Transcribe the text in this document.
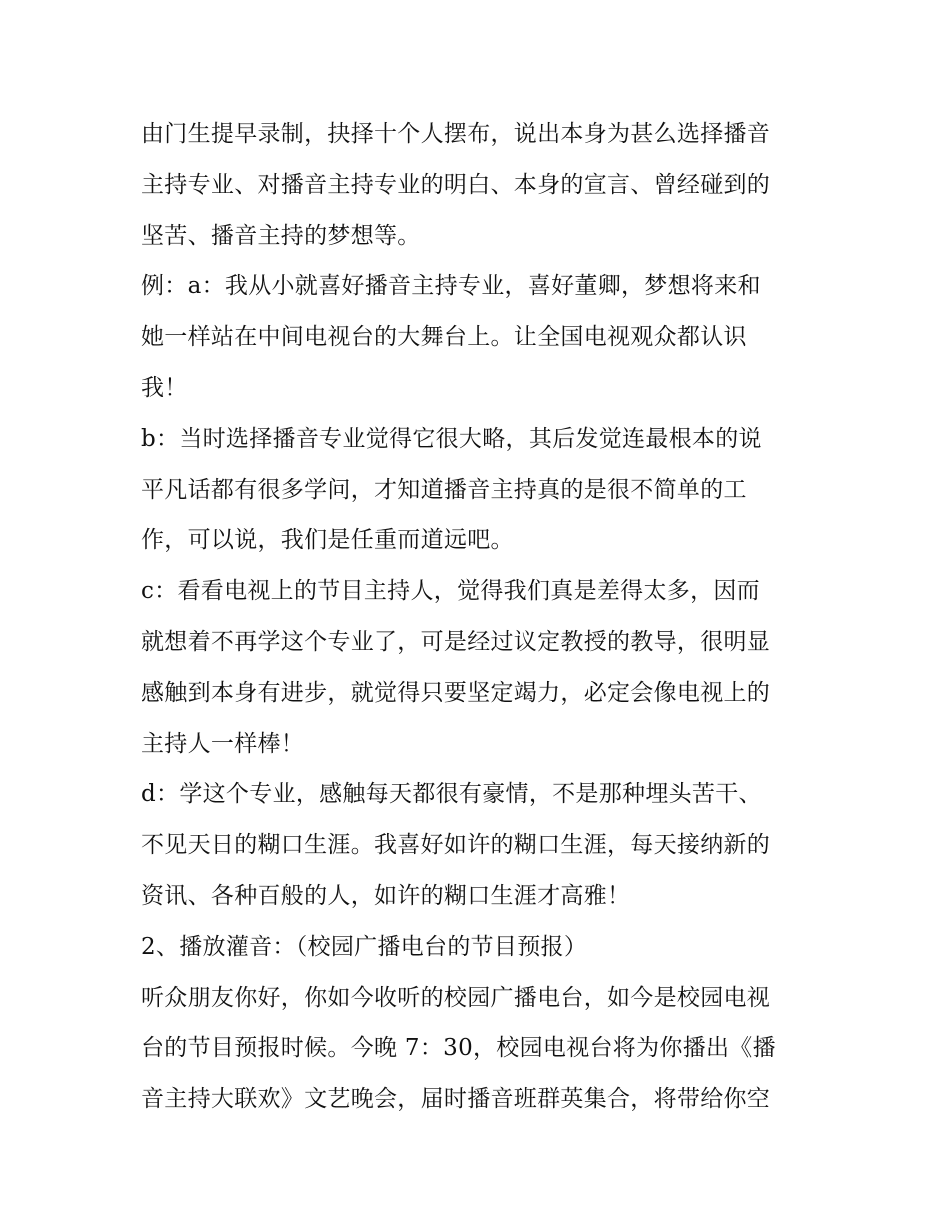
由门生提早录制，抉择十个人摆布，说出本身为甚么选择播音
主持专业、对播音主持专业的明白、本身的宣言、曾经碰到的
坚苦、播音主持的梦想等。
例：a：我从小就喜好播音主持专业，喜好董卿，梦想将来和
她一样站在中间电视台的大舞台上。让全国电视观众都认识
我！
b：当时选择播音专业觉得它很大略，其后发觉连最根本的说
平凡话都有很多学问，才知道播音主持真的是很不简单的工
作，可以说，我们是任重而道远吧。
c：看看电视上的节目主持人，觉得我们真是差得太多，因而
就想着不再学这个专业了，可是经过议定教授的教导，很明显
感触到本身有进步，就觉得只要坚定竭力，必定会像电视上的
主持人一样棒！
d：学这个专业，感触每天都很有豪情，不是那种埋头苦干、
不见天日的糊口生涯。我喜好如许的糊口生涯，每天接纳新的
资讯、各种百般的人，如许的糊口生涯才高雅！
2、播放灌音：（校园广播电台的节目预报）
听众朋友你好，你如今收听的校园广播电台，如今是校园电视
台的节目预报时候。今晚 7：30，校园电视台将为你播出《播
音主持大联欢》文艺晚会，届时播音班群英集合，将带给你空
